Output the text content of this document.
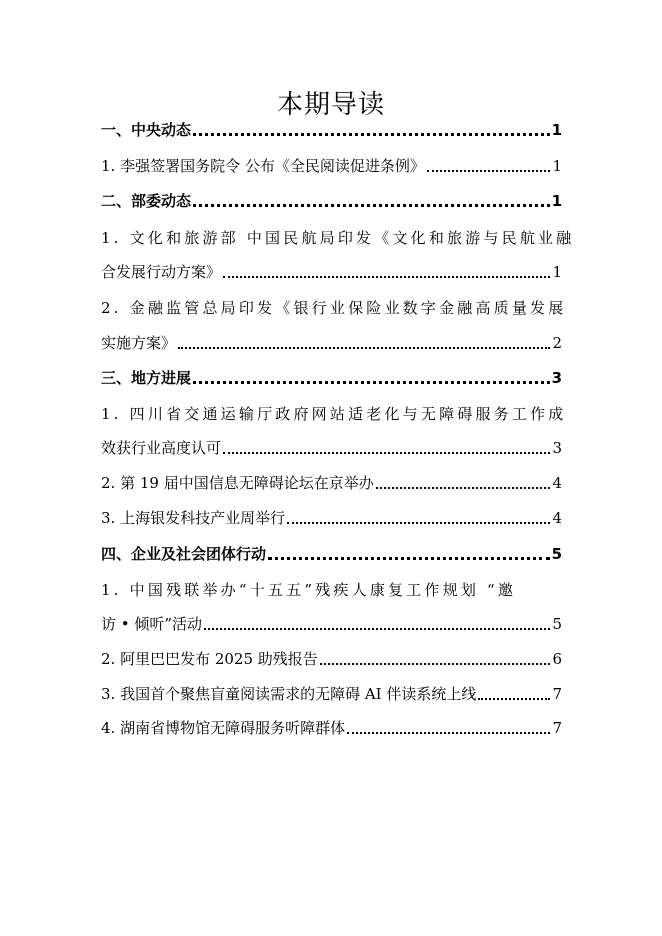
本期导读
一、中央动态	1
1. 李强签署国务院令 公布《全民阅读促进条例》	1
二、部委动态	1
1. 文化和旅游部 中国民航局印发《文化和旅游与民航业融
合发展行动方案》	1
2. 金融监管总局印发《银行业保险业数字金融高质量发展
实施方案》	2
三、地方进展	3
1. 四川省交通运输厅政府网站适老化与无障碍服务工作成
效获行业高度认可	3
2. 第 19 届中国信息无障碍论坛在京举办	4
3. 上海银发科技产业周举行	4
四、企业及社会团体行动	5
1. 中国残联举办“十五五”残疾人康复工作规划 “邀
访 • 倾听”活动	5
2. 阿里巴巴发布 2025 助残报告	6
3. 我国首个聚焦盲童阅读需求的无障碍 AI 伴读系统上线	7
4. 湖南省博物馆无障碍服务听障群体	7
